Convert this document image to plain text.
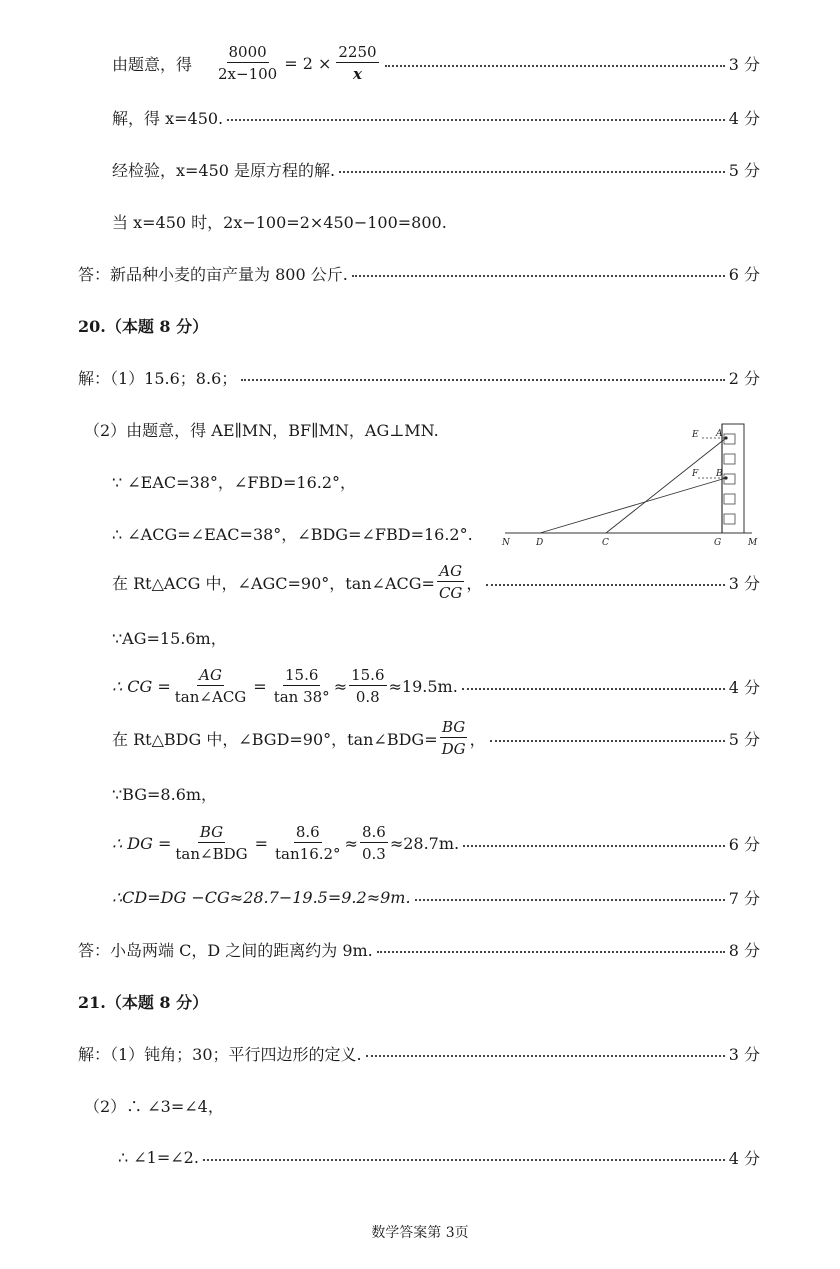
由题意，得 $\frac{8000}{2x-100} = 2 \times \frac{2250}{x}$	3 分
解，得 x=450.	4 分
经检验，x=450 是原方程的解.	5 分
当 x=450 时，2x−100=2×450−100=800.
答：新品种小麦的亩产量为 800 公斤.	6 分
20.（本题 8 分）
解：（1）15.6；8.6；	2 分
（2）由题意，得 AE∥MN，BF∥MN，AG⊥MN.
∵ ∠EAC=38°，∠FBD=16.2°，
∴ ∠ACG=∠EAC=38°，∠BDG=∠FBD=16.2°.
在 Rt△ACG 中，∠AGC=90°，tan∠ACG= $\frac{AG}{CG}$ ，	3 分
∵AG=15.6m，
∴ CG = $\frac{AG}{\text{tan∠ACG}} = \frac{15.6}{\tan 38^\circ} \approx \frac{15.6}{0.8} \approx 19.5m$.	4 分
在 Rt△BDG 中，∠BGD=90°，tan∠BDG= $\frac{BG}{DG}$ ，	5 分
∵BG=8.6m，
∴ DG = $\frac{BG}{\text{tan∠BDG}} = \frac{8.6}{\tan 16.2^\circ} \approx \frac{8.6}{0.3} \approx 28.7m$.	6 分
∴CD=DG −CG≈28.7−19.5=9.2≈9m.	7 分
答：小岛两端 C，D 之间的距离约为 9m.	8 分
E A
F B
N	D	C	G	M
21.（本题 8 分）
解：（1）钝角；30；平行四边形的定义.	3 分
（2）∴ ∠3=∠4，
∴ ∠1=∠2.	4 分
数学答案第 3页
